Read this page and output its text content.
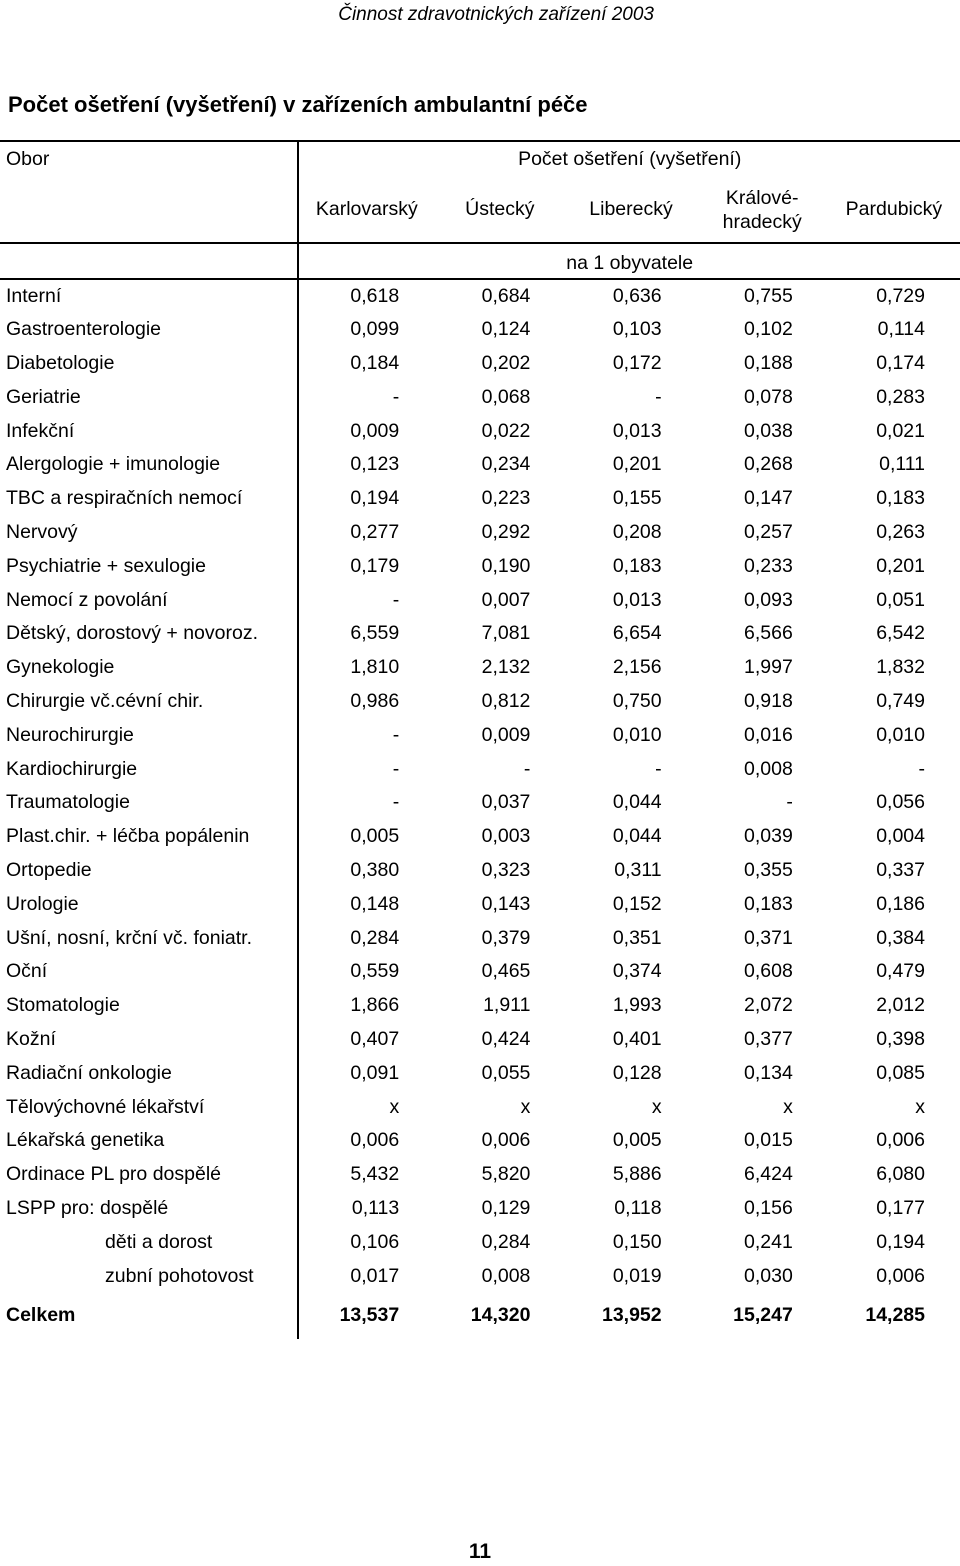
Činnost zdravotnických zařízení 2003
Počet ošetření (vyšetření) v zařízeních ambulantní péče
Obor	Počet ošetření (vyšetření)				
	Karlovarský	Ústecký	Liberecký	Králové-
hradecký	Pardubický
	na 1 obyvatele				
Interní	0,618	0,684	0,636	0,755	0,729
Gastroenterologie	0,099	0,124	0,103	0,102	0,114
Diabetologie	0,184	0,202	0,172	0,188	0,174
Geriatrie	-	0,068	-	0,078	0,283
Infekční	0,009	0,022	0,013	0,038	0,021
Alergologie + imunologie	0,123	0,234	0,201	0,268	0,111
TBC a respiračních nemocí	0,194	0,223	0,155	0,147	0,183
Nervový	0,277	0,292	0,208	0,257	0,263
Psychiatrie + sexulogie	0,179	0,190	0,183	0,233	0,201
Nemocí z povolání	-	0,007	0,013	0,093	0,051
Dětský, dorostový + novoroz.	6,559	7,081	6,654	6,566	6,542
Gynekologie	1,810	2,132	2,156	1,997	1,832
Chirurgie vč.cévní chir.	0,986	0,812	0,750	0,918	0,749
Neurochirurgie	-	0,009	0,010	0,016	0,010
Kardiochirurgie	-	-	-	0,008	-
Traumatologie	-	0,037	0,044	-	0,056
Plast.chir. + léčba popálenin	0,005	0,003	0,044	0,039	0,004
Ortopedie	0,380	0,323	0,311	0,355	0,337
Urologie	0,148	0,143	0,152	0,183	0,186
Ušní, nosní, krční vč. foniatr.	0,284	0,379	0,351	0,371	0,384
Oční	0,559	0,465	0,374	0,608	0,479
Stomatologie	1,866	1,911	1,993	2,072	2,012
Kožní	0,407	0,424	0,401	0,377	0,398
Radiační onkologie	0,091	0,055	0,128	0,134	0,085
Tělovýchovné lékařství	x	x	x	x	x
Lékařská genetika	0,006	0,006	0,005	0,015	0,006
Ordinace PL pro dospělé	5,432	5,820	5,886	6,424	6,080
LSPP pro: dospělé	0,113	0,129	0,118	0,156	0,177
děti a dorost	0,106	0,284	0,150	0,241	0,194
zubní pohotovost	0,017	0,008	0,019	0,030	0,006
Celkem	13,537	14,320	13,952	15,247	14,285
11
